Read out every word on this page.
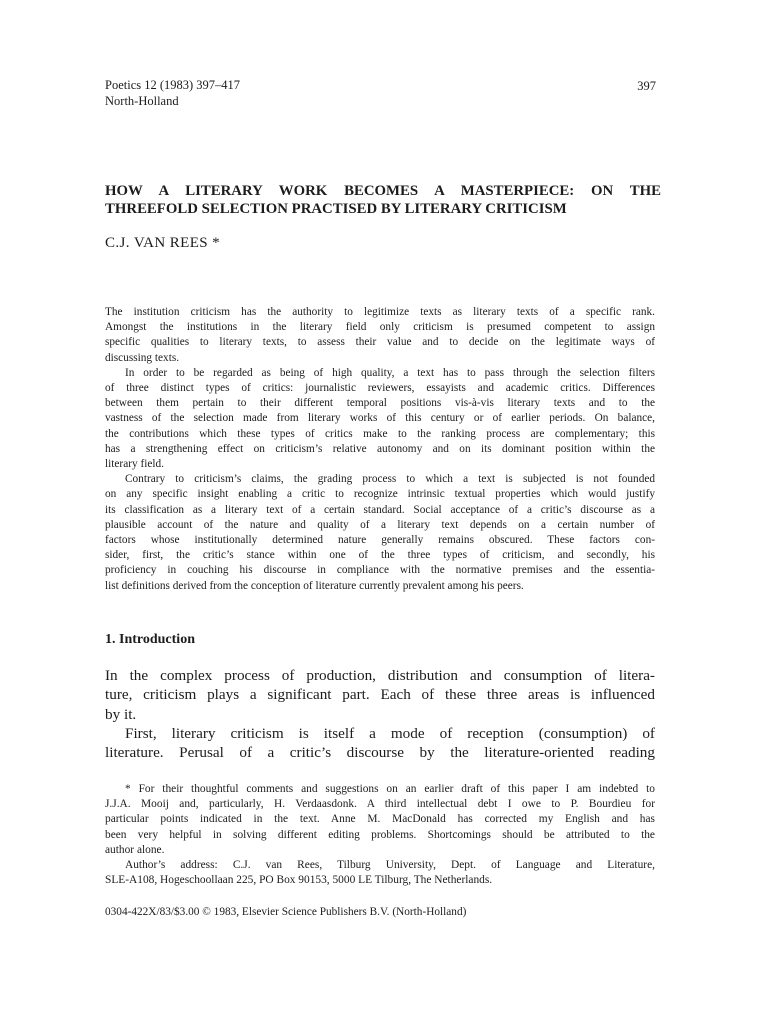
Poetics 12 (1983) 397–417
North-Holland
397
HOW A LITERARY WORK BECOMES A MASTERPIECE: ON THE
THREEFOLD SELECTION PRACTISED BY LITERARY CRITICISM
C.J. VAN REES *
The institution criticism has the authority to legitimize texts as literary texts of a specific rank.
Amongst the institutions in the literary field only criticism is presumed competent to assign
specific qualities to literary texts, to assess their value and to decide on the legitimate ways of
discussing texts.
In order to be regarded as being of high quality, a text has to pass through the selection filters
of three distinct types of critics: journalistic reviewers, essayists and academic critics. Differences
between them pertain to their different temporal positions vis-à-vis literary texts and to the
vastness of the selection made from literary works of this century or of earlier periods. On balance,
the contributions which these types of critics make to the ranking process are complementary; this
has a strengthening effect on criticism’s relative autonomy and on its dominant position within the
literary field.
Contrary to criticism’s claims, the grading process to which a text is subjected is not founded
on any specific insight enabling a critic to recognize intrinsic textual properties which would justify
its classification as a literary text of a certain standard. Social acceptance of a critic’s discourse as a
plausible account of the nature and quality of a literary text depends on a certain number of
factors whose institutionally determined nature generally remains obscured. These factors con-
sider, first, the critic’s stance within one of the three types of criticism, and secondly, his
proficiency in couching his discourse in compliance with the normative premises and the essentia-
list definitions derived from the conception of literature currently prevalent among his peers.
1. Introduction
In the complex process of production, distribution and consumption of litera-
ture, criticism plays a significant part. Each of these three areas is influenced
by it.
First, literary criticism is itself a mode of reception (consumption) of
literature. Perusal of a critic’s discourse by the literature-oriented reading
* For their thoughtful comments and suggestions on an earlier draft of this paper I am indebted to
J.J.A. Mooij and, particularly, H. Verdaasdonk. A third intellectual debt I owe to P. Bourdieu for
particular points indicated in the text. Anne M. MacDonald has corrected my English and has
been very helpful in solving different editing problems. Shortcomings should be attributed to the
author alone.
Author’s address: C.J. van Rees, Tilburg University, Dept. of Language and Literature,
SLE-A108, Hogeschoollaan 225, PO Box 90153, 5000 LE Tilburg, The Netherlands.
0304-422X/83/$3.00 © 1983, Elsevier Science Publishers B.V. (North-Holland)
